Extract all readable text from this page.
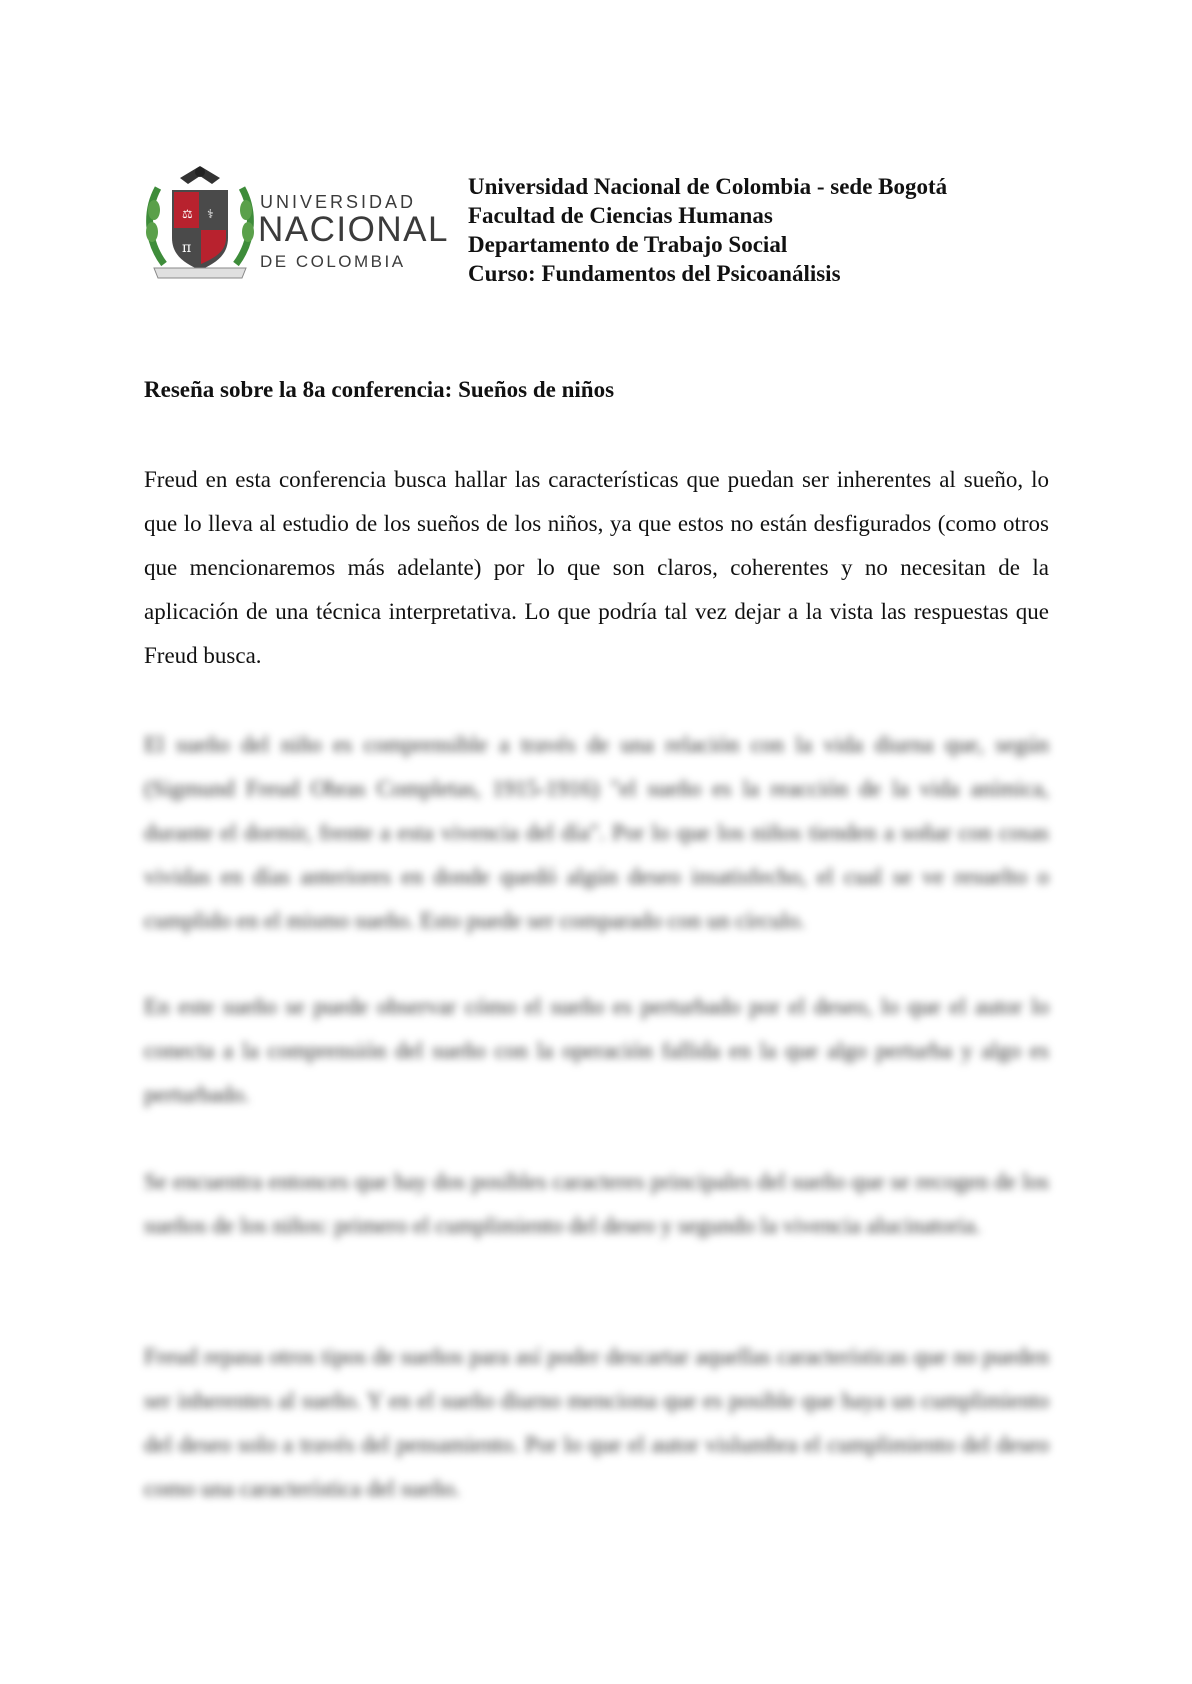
π
⚕
⚖
UNIVERSIDAD
NACIONAL
DE COLOMBIA
Universidad Nacional de Colombia - sede Bogotá
Facultad de Ciencias Humanas
Departamento de Trabajo Social
Curso: Fundamentos del Psicoanálisis
Reseña sobre la 8a conferencia: Sueños de niños

Freud en esta conferencia busca hallar las características que puedan ser inherentes al sueño, lo que lo lleva al estudio de los sueños de los niños, ya que estos no están desfigurados (como otros que mencionaremos más adelante) por lo que son claros, coherentes y no necesitan de la aplicación de una técnica interpretativa. Lo que podría tal vez dejar a la vista las respuestas que Freud busca.

El sueño del niño es comprensible a través de una relación con la vida diurna que, según (Sigmund Freud Obras Completas, 1915-1916) "el sueño es la reacción de la vida anímica, durante el dormir, frente a esta vivencia del día". Por lo que los niños tienden a soñar con cosas vividas en días anteriores en donde quedó algún deseo insatisfecho, el cual se ve resuelto o cumplido en el mismo sueño. Esto puede ser comparado con un círculo.

En este sueño se puede observar cómo el sueño es perturbado por el deseo, lo que el autor lo conecta a la comprensión del sueño con la operación fallida en la que algo perturba y algo es perturbado.

Se encuentra entonces que hay dos posibles caracteres principales del sueño que se recogen de los sueños de los niños: primero el cumplimiento del deseo y segundo la vivencia alucinatoria.

Freud repasa otros tipos de sueños para así poder descartar aquellas características que no pueden ser inherentes al sueño. Y en el sueño diurno menciona que es posible que haya un cumplimiento del deseo solo a través del pensamiento. Por lo que el autor vislumbra el cumplimiento del deseo como una característica del sueño.
